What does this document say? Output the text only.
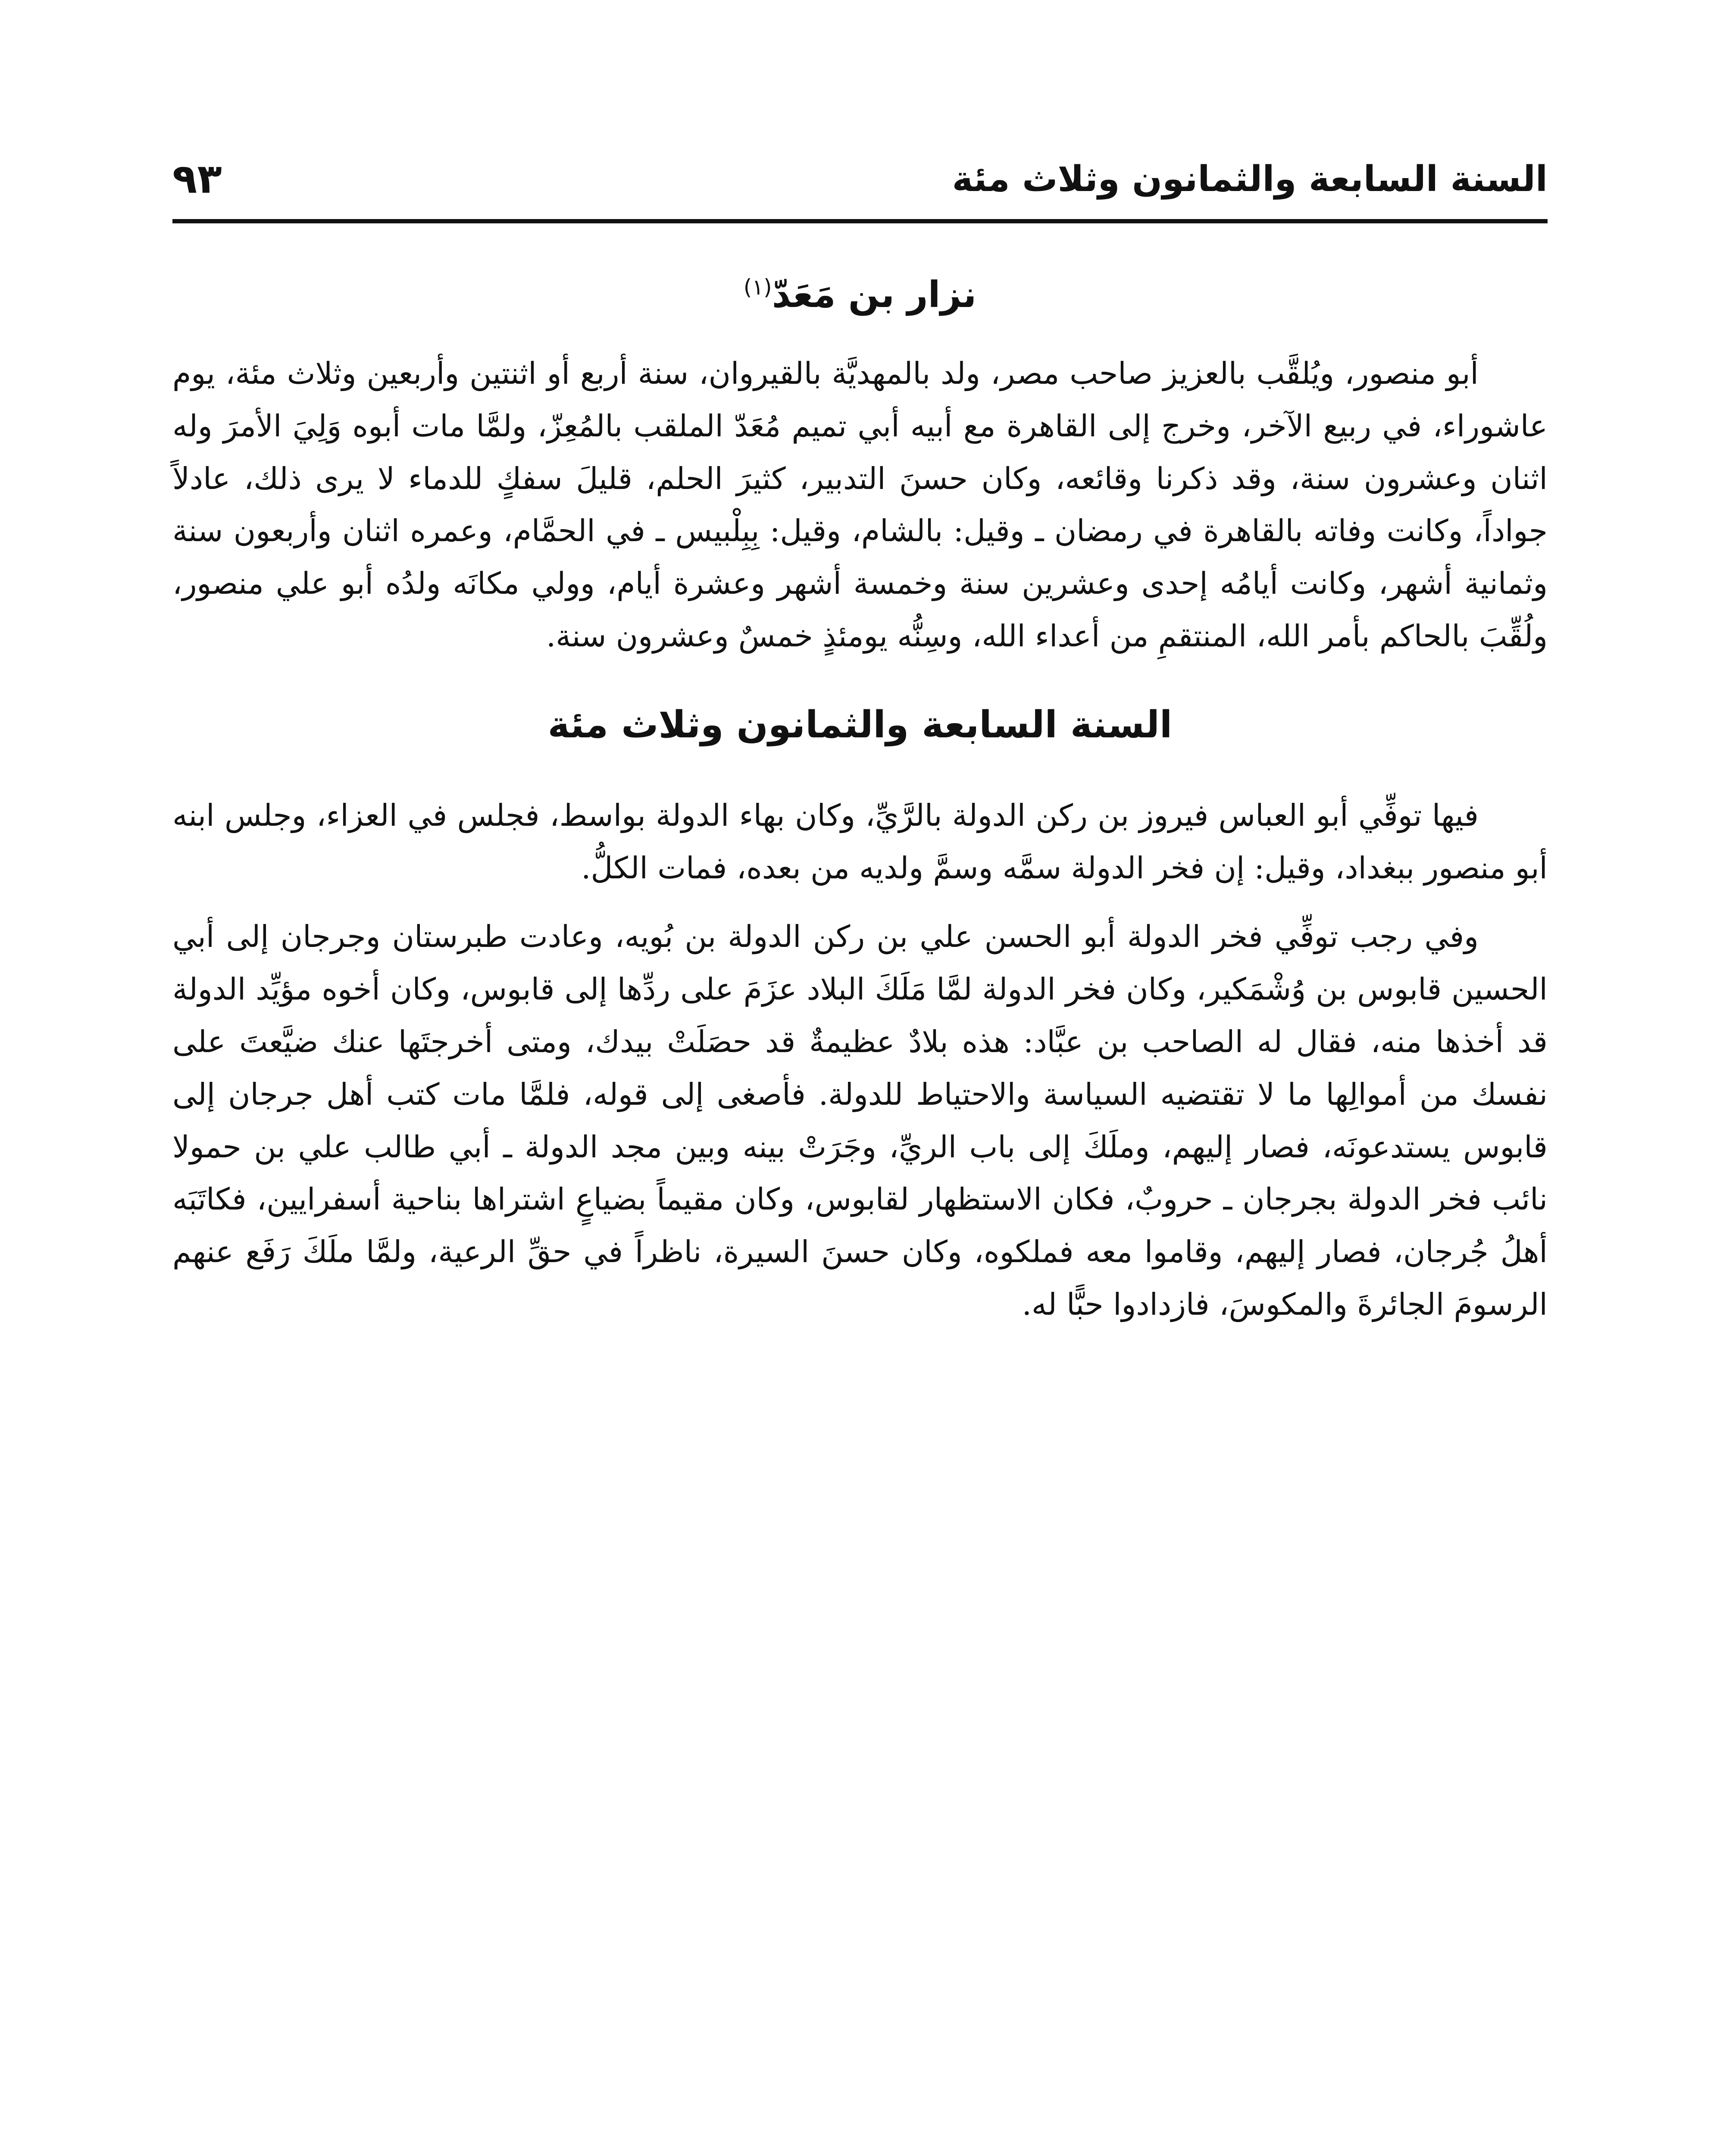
السنة السابعة والثمانون وثلاث مئة
٩٣
نزار بن مَعَدّ$^{(١)}$

أبو منصور، ويُلقَّب بالعزيز صاحب مصر، ولد بالمهديَّة بالقيروان، سنة أربع أو اثنتين وأربعين وثلاث مئة، يوم عاشوراء، في ربيع الآخر، وخرج إلى القاهرة مع أبيه أبي تميم مُعَدّ الملقب بالمُعِزّ، ولمَّا مات أبوه وَلِيَ الأمرَ وله اثنان وعشرون سنة، وقد ذكرنا وقائعه، وكان حسنَ التدبير، كثيرَ الحلم، قليلَ سفكٍ للدماء لا يرى ذلك، عادلاً جواداً، وكانت وفاته بالقاهرة في رمضان ـ وقيل: بالشام، وقيل: بِبِلْبيس ـ في الحمَّام، وعمره اثنان وأربعون سنة وثمانية أشهر، وكانت أيامُه إحدى وعشرين سنة وخمسة أشهر وعشرة أيام، وولي مكانَه ولدُه أبو علي منصور، ولُقِّبَ بالحاكم بأمر الله، المنتقمِ من أعداء الله، وسِنُّه يومئذٍ خمسٌ وعشرون سنة.

السنة السابعة والثمانون وثلاث مئة

فيها توفِّي أبو العباس فيروز بن ركن الدولة بالرَّيِّ، وكان بهاء الدولة بواسط، فجلس في العزاء، وجلس ابنه أبو منصور ببغداد، وقيل: إن فخر الدولة سمَّه وسمَّ ولديه من بعده، فمات الكلُّ.

وفي رجب توفِّي فخر الدولة أبو الحسن علي بن ركن الدولة بن بُويه، وعادت طبرستان وجرجان إلى أبي الحسين قابوس بن وُشْمَكير، وكان فخر الدولة لمَّا مَلَكَ البلاد عزَمَ على ردِّها إلى قابوس، وكان أخوه مؤيِّد الدولة قد أخذها منه، فقال له الصاحب بن عبَّاد: هذه بلادٌ عظيمةٌ قد حصَلَتْ بيدك، ومتى أخرجتَها عنك ضيَّعتَ على نفسك من أموالِها ما لا تقتضيه السياسة والاحتياط للدولة. فأصغى إلى قوله، فلمَّا مات كتب أهل جرجان إلى قابوس يستدعونَه، فصار إليهم، وملَكَ إلى باب الريِّ، وجَرَتْ بينه وبين مجد الدولة ـ أبي طالب علي بن حمولا نائب فخر الدولة بجرجان ـ حروبٌ، فكان الاستظهار لقابوس، وكان مقيماً بضياعٍ اشتراها بناحية أسفرايين، فكاتَبَه أهلُ جُرجان، فصار إليهم، وقاموا معه فملكوه، وكان حسنَ السيرة، ناظراً في حقِّ الرعية، ولمَّا ملَكَ رَفَع عنهم الرسومَ الجائرةَ والمكوسَ، فازدادوا حبًّا له.
